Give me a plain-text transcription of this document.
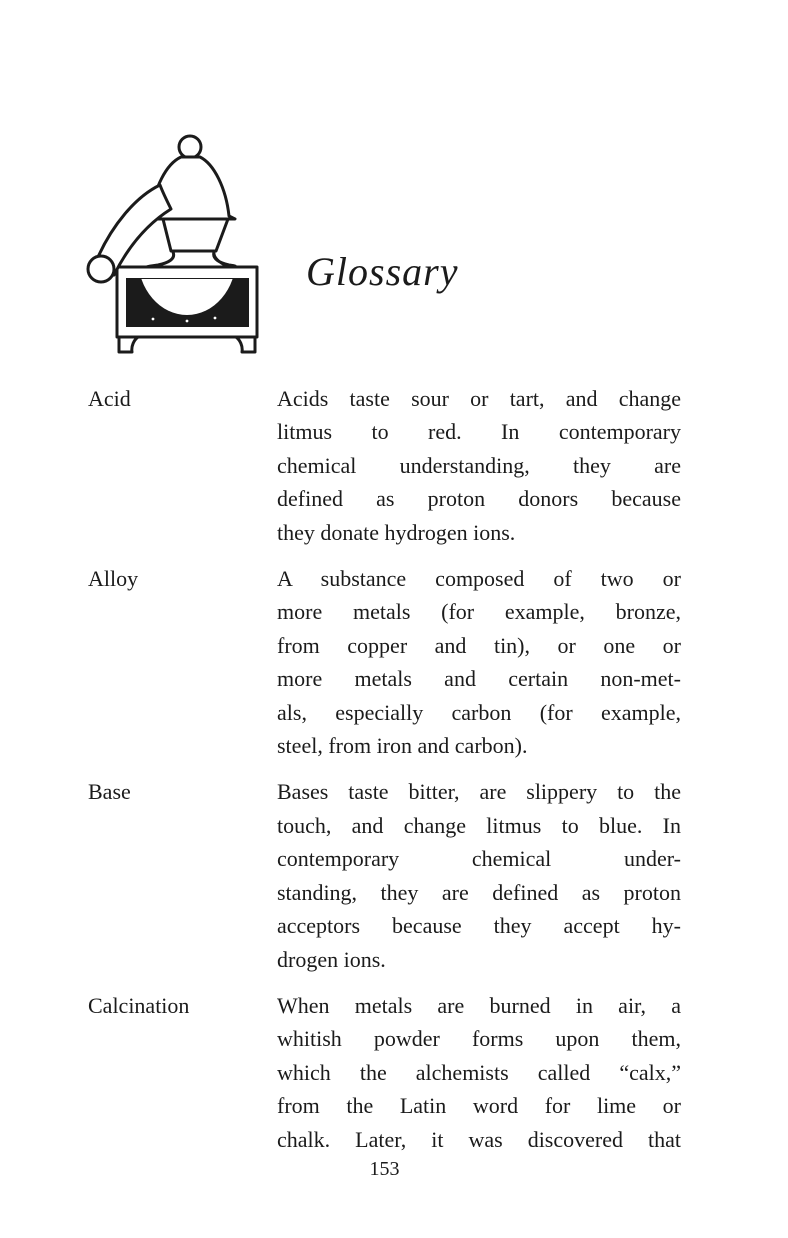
Glossary
Acid	Acids taste sour or tart, and change
litmus to red. In contemporary
chemical understanding, they are
defined as proton donors because
they donate hydrogen ions.
Alloy	A substance composed of two or
more metals (for example, bronze,
from copper and tin), or one or
more metals and certain non-met-
als, especially carbon (for example,
steel, from iron and carbon).
Base	Bases taste bitter, are slippery to the
touch, and change litmus to blue. In
contemporary chemical under-
standing, they are defined as proton
acceptors because they accept hy-
drogen ions.
Calcination	When metals are burned in air, a
whitish powder forms upon them,
which the alchemists called “calx,”
from the Latin word for lime or
chalk. Later, it was discovered that
153
